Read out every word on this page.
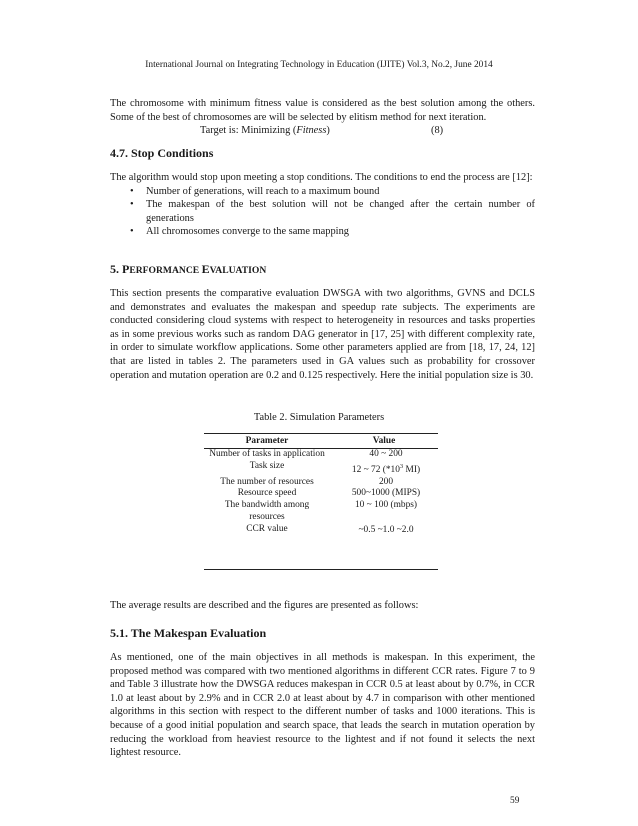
International Journal on Integrating Technology in Education (IJITE) Vol.3, No.2, June 2014

The chromosome with minimum fitness value is considered as the best solution among the others. Some of the best of chromosomes are will be selected by elitism method for next iteration.

Target is: Minimizing (Fitness)	(8)
4.7. Stop Conditions

The algorithm would stop upon meeting a stop conditions. The conditions to end the process are [12]:

• Number of generations, will reach to a maximum bound
• The makespan of the best solution will not be changed after the certain number of generations
• All chromosomes converge to the same mapping
5. PERFORMANCE EVALUATION

This section presents the comparative evaluation DWSGA with two algorithms, GVNS and DCLS and demonstrates and evaluates the makespan and speedup rate subjects. The experiments are conducted considering cloud systems with respect to heterogeneity in resources and tasks properties as in some previous works such as random DAG generator in [17, 25] with different complexity rate, in order to simulate workflow applications. Some other parameters applied are from [18, 17, 24, 12] that are listed in tables 2. The parameters used in GA values such as probability for crossover operation and mutation operation are 0.2 and 0.125 respectively. Here the initial population size is 30.

Table 2. Simulation Parameters
Parameter	Value
Number of tasks in application	40 ~ 200
Task size	12 ~ 72 ($*10^3$ MI)
The number of resources	200
Resource speed	500~1000 (MIPS)
The bandwidth among resources	10 ~ 100 (mbps)
CCR value	~0.5 ~1.0 ~2.0

The average results are described and the figures are presented as follows:

5.1. The Makespan Evaluation

As mentioned, one of the main objectives in all methods is makespan. In this experiment, the proposed method was compared with two mentioned algorithms in different CCR rates. Figure 7 to 9 and Table 3 illustrate how the DWSGA reduces makespan in CCR 0.5 at least about by 0.7%, in CCR 1.0 at least about by 2.9% and in CCR 2.0 at least about by 4.7 in comparison with other mentioned algorithms in this section with respect to the different number of tasks and 1000 iterations. This is because of a good initial population and search space, that leads the search in mutation operation by reducing the workload from heaviest resource to the lightest and if not found it selects the next lightest resource.

59
